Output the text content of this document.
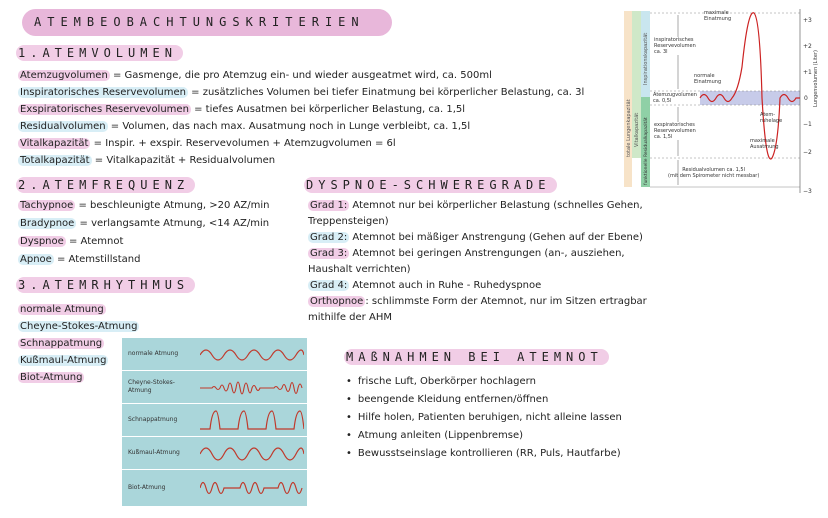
ATEMBEOBACHTUNGSKRITERIEN
1.ATEMVOLUMEN
Atemzugvolumen = Gasmenge, die pro Atemzug ein- und wieder ausgeatmet wird, ca. 500ml
Inspiratorisches Reservevolumen = zusätzliches Volumen bei tiefer Einatmung bei körperlicher Belastung, ca. 3l
Exspiratorisches Reservevolumen = tiefes Ausatmen bei körperlicher Belastung, ca. 1,5l
Residualvolumen = Volumen, das nach max. Ausatmung noch in Lunge verbleibt, ca. 1,5l
Vitalkapazität = Inspir. + exspir. Reservevolumen + Atemzugvolumen = 6l
Totalkapazität = Vitalkapazität + Residualvolumen
2.ATEMFREQUENZ
Tachypnoe = beschleunigte Atmung, >20 AZ/min
Bradypnoe = verlangsamte Atmung, <14 AZ/min
Dyspnoe = Atemnot
Apnoe = Atemstillstand
3.ATEMRHYTHMUS
normale Atmung
Cheyne-Stokes-Atmung
Schnappatmung
Kußmaul-Atmung
Biot-Atmung
normale Atmung
Cheyne-Stokes-Atmung
Schnappatmung
Kußmaul-Atmung
Biot-Atmung
DYSPNOE-SCHWEREGRADE
Grad 1: Atemnot nur bei körperlicher Belastung (schnelles Gehen,
Treppensteigen)
Grad 2: Atemnot bei mäßiger Anstrengung (Gehen auf der Ebene)
Grad 3: Atemnot bei geringen Anstrengungen (an-, ausziehen,
Haushalt verrichten)
Grad 4: Atemnot auch in Ruhe - Ruhedyspnoe
Orthopnoe : schlimmste Form der Atemnot, nur im Sitzen ertragbar
mithilfe der AHM
MAßNAHMEN BEI ATEMNOT
• frische Luft, Oberkörper hochlagern
• beengende Kleidung entfernen/öffnen
• Hilfe holen, Patienten beruhigen, nicht alleine lassen
• Atmung anleiten (Lippenbremse)
• Bewusstseinslage kontrollieren (RR, Puls, Hautfarbe)
+3
+2
+1
0
−1
−2
−3
Lungenvolumen (Liter)
totale Lungenkapazität Vitalkapazität
Inspirationskapazität
funktionelle Residualkapazität
maximale
Einatmung
inspiratorisches
Reservevolumen
ca. 3l
normale
Einatmung
Atemzugvolumen
ca. 0,5l
Atem-
ruhelage
exspiratorisches
Reservevolumen
ca. 1,5l
maximale
Ausatmung
Residualvolumen ca. 1,5l
(mit dem Spirometer nicht messbar)
